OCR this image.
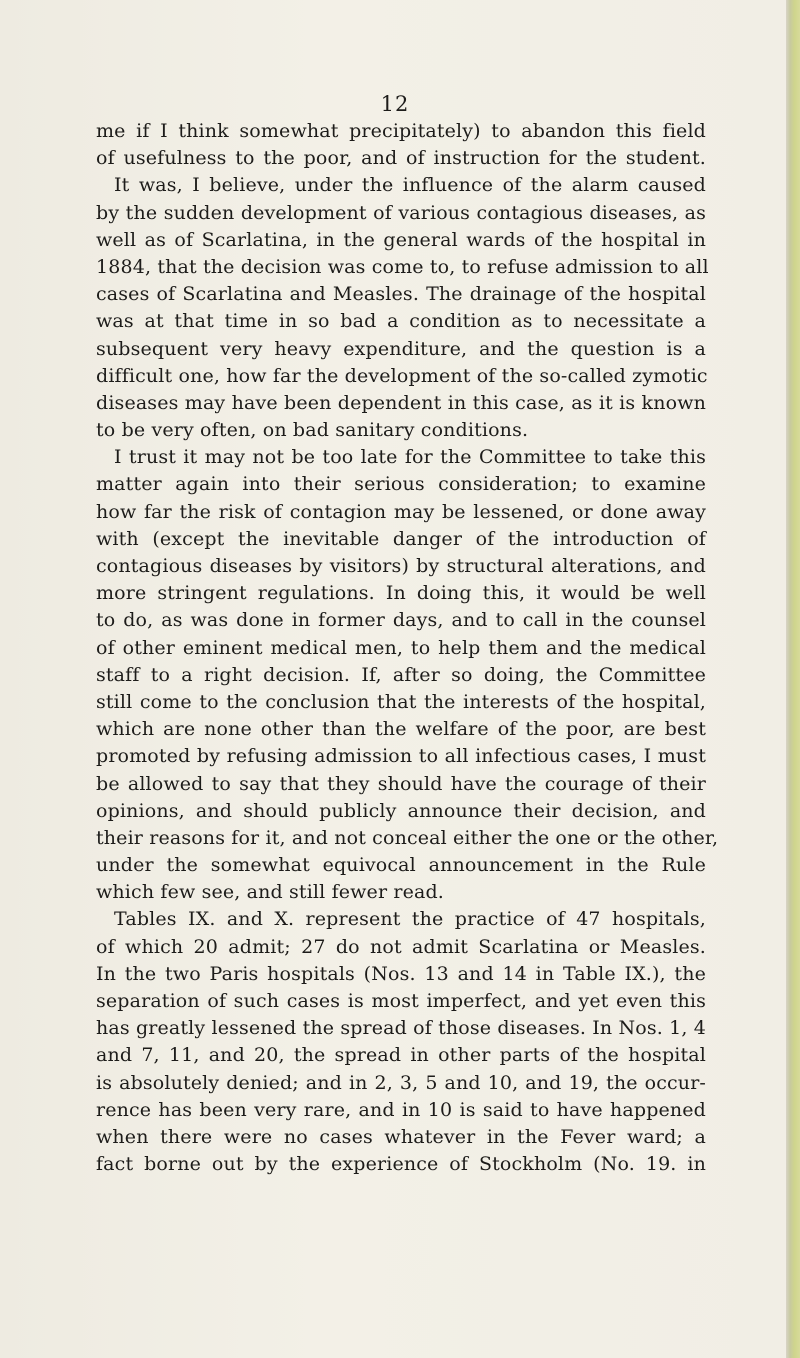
12
me if I think somewhat precipitately) to abandon this field
of usefulness to the poor, and of instruction for the student.
It was, I believe, under the influence of the alarm caused
by the sudden development of various contagious diseases, as
well as of Scarlatina, in the general wards of the hospital in
1884, that the decision was come to, to refuse admission to all
cases of Scarlatina and Measles. The drainage of the hospital
was at that time in so bad a condition as to necessitate a
subsequent very heavy expenditure, and the question is a
difficult one, how far the development of the so-called zymotic
diseases may have been dependent in this case, as it is known
to be very often, on bad sanitary conditions.
I trust it may not be too late for the Committee to take this
matter again into their serious consideration; to examine
how far the risk of contagion may be lessened, or done away
with (except the inevitable danger of the introduction of
contagious diseases by visitors) by structural alterations, and
more stringent regulations. In doing this, it would be well
to do, as was done in former days, and to call in the counsel
of other eminent medical men, to help them and the medical
staff to a right decision. If, after so doing, the Committee
still come to the conclusion that the interests of the hospital,
which are none other than the welfare of the poor, are best
promoted by refusing admission to all infectious cases, I must
be allowed to say that they should have the courage of their
opinions, and should publicly announce their decision, and
their reasons for it, and not conceal either the one or the other,
under the somewhat equivocal announcement in the Rule
which few see, and still fewer read.
Tables IX. and X. represent the practice of 47 hospitals,
of which 20 admit; 27 do not admit Scarlatina or Measles.
In the two Paris hospitals (Nos. 13 and 14 in Table IX.), the
separation of such cases is most imperfect, and yet even this
has greatly lessened the spread of those diseases. In Nos. 1, 4
and 7, 11, and 20, the spread in other parts of the hospital
is absolutely denied; and in 2, 3, 5 and 10, and 19, the occur-
rence has been very rare, and in 10 is said to have happened
when there were no cases whatever in the Fever ward; a
fact borne out by the experience of Stockholm (No. 19. in
